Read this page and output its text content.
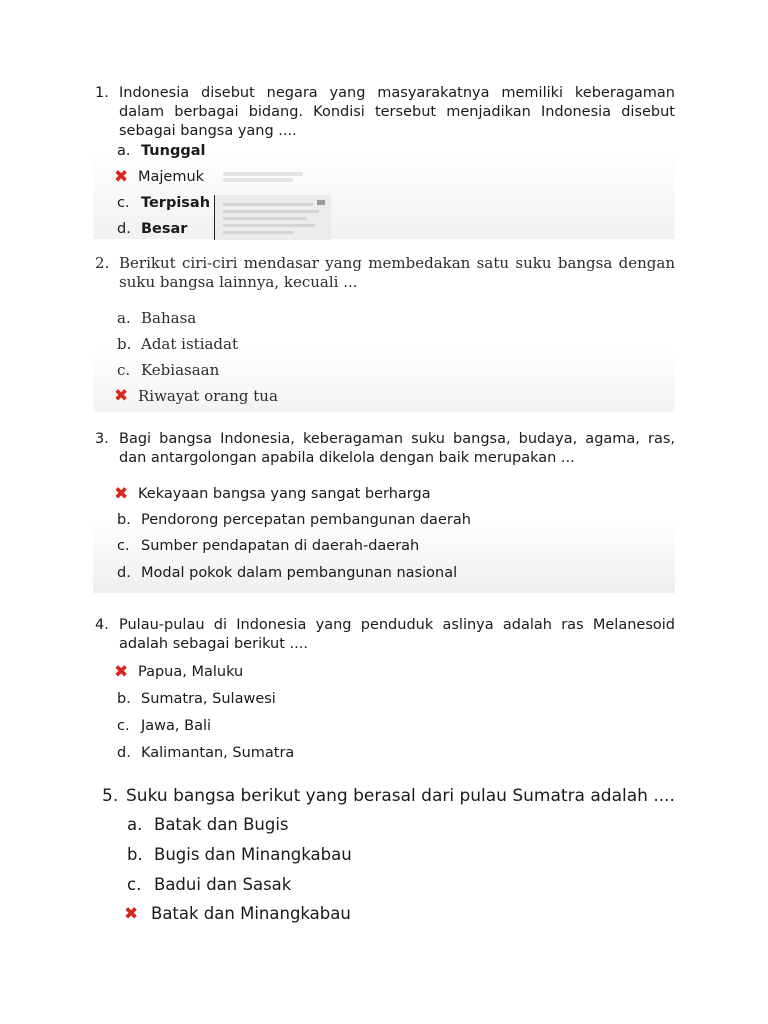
1. Indonesia disebut negara yang masyarakatnya memiliki keberagaman dalam berbagai bidang. Kondisi tersebut menjadikan Indonesia disebut sebagai bangsa yang ....
a. Tunggal
✖ Majemuk
c. Terpisah
d. Besar
2. Berikut ciri-ciri mendasar yang membedakan satu suku bangsa dengan suku bangsa lainnya, kecuali ...
a. Bahasa
b. Adat istiadat
c. Kebiasaan
✖ Riwayat orang tua
3. Bagi bangsa Indonesia, keberagaman suku bangsa, budaya, agama, ras, dan antargolongan apabila dikelola dengan baik merupakan ...
✖ Kekayaan bangsa yang sangat berharga
b. Pendorong percepatan pembangunan daerah
c. Sumber pendapatan di daerah-daerah
d. Modal pokok dalam pembangunan nasional
4. Pulau-pulau di Indonesia yang penduduk aslinya adalah ras Melanesoid adalah sebagai berikut ....
✖ Papua, Maluku
b. Sumatra, Sulawesi
c. Jawa, Bali
d. Kalimantan, Sumatra
5. Suku bangsa berikut yang berasal dari pulau Sumatra adalah ....
a. Batak dan Bugis
b. Bugis dan Minangkabau
c. Badui dan Sasak
✖ Batak dan Minangkabau
